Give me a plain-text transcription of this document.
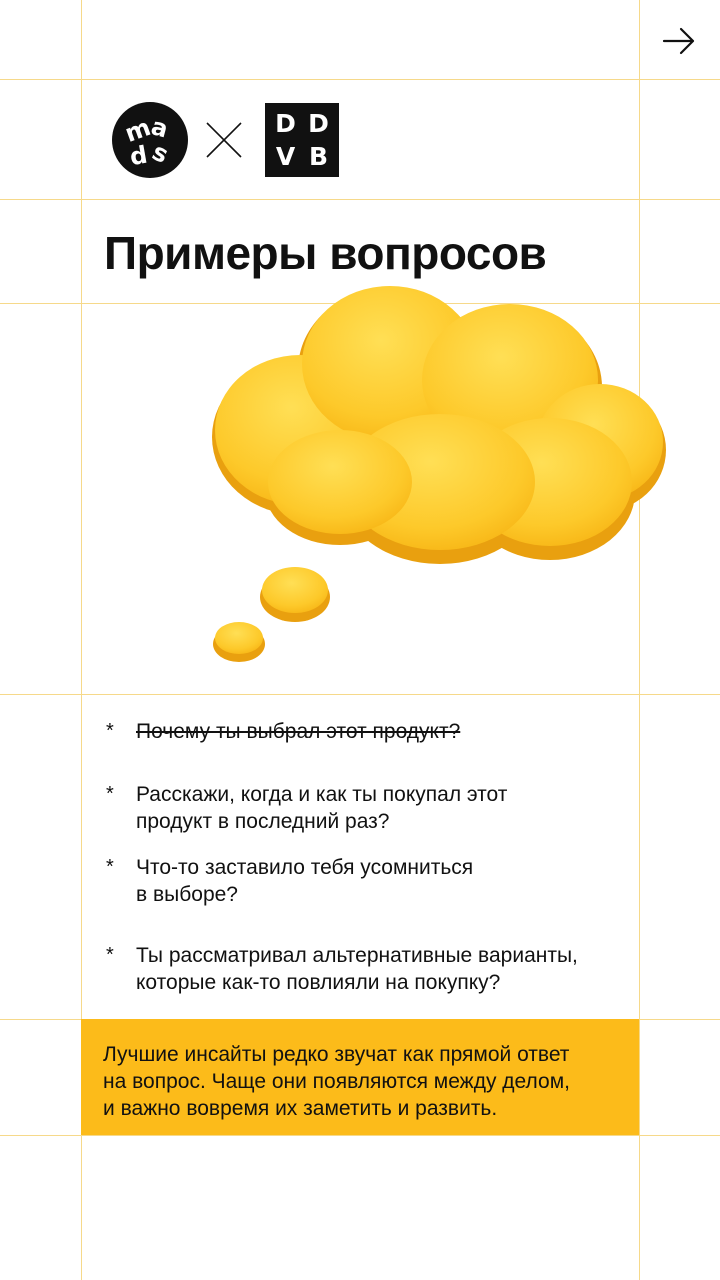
m
a
d
s
D D
V B
Примеры вопросов
* Почему ты выбрал этот продукт?
* Расскажи, когда и как ты покупал этот
продукт в последний раз?
* Что-то заставило тебя усомниться
в выборе?
* Ты рассматривал альтернативные варианты,
которые как-то повлияли на покупку?

Лучшие инсайты редко звучат как прямой ответ

на вопрос. Чаще они появляются между делом,

и важно вовремя их заметить и развить.
